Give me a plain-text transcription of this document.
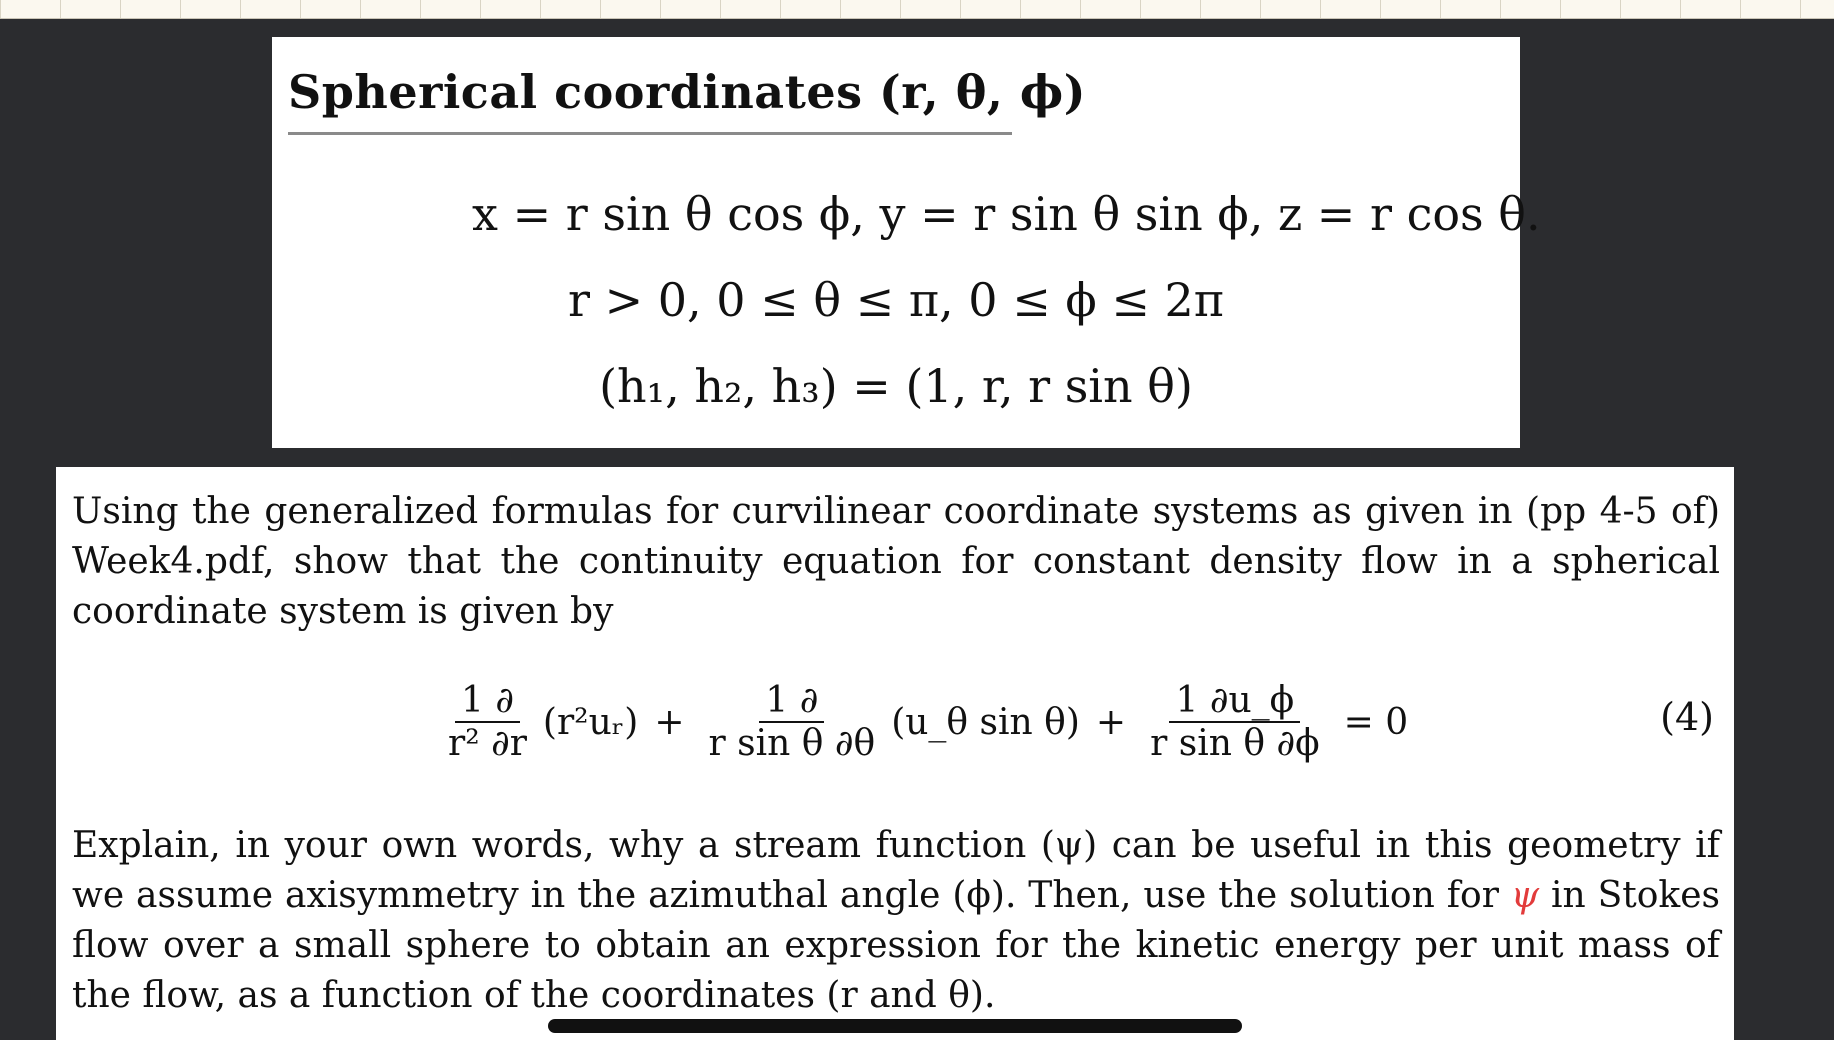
Spherical coordinates (r, θ, ϕ)
x = r sin θ cos ϕ, y = r sin θ sin ϕ, z = r cos θ.
r > 0, 0 ≤ θ ≤ π, 0 ≤ ϕ ≤ 2π
(h₁, h₂, h₃) = (1, r, r sin θ)
Using the generalized formulas for curvilinear coordinate systems as given in (pp 4-5 of) Week4.pdf, show that the continuity equation for constant density flow in a spherical coordinate system is given by
$\frac{1 \partial}{\text{r² ∂r}}$ (r²uᵣ) + $\frac{1 \partial}{\text{r sin θ ∂θ}}$ (u_θ $\sin \theta) + \frac{1 \partial u\_\phi}{\text{r sin θ ∂ϕ}} = 0$	(4)
Explain, in your own words, why a stream function (ψ) can be useful in this geometry if we assume axisymmetry in the azimuthal angle (ϕ). Then, use the solution for ψ in Stokes flow over a small sphere to obtain an expression for the kinetic energy per unit mass of the flow, as a function of the coordinates (r and θ).
